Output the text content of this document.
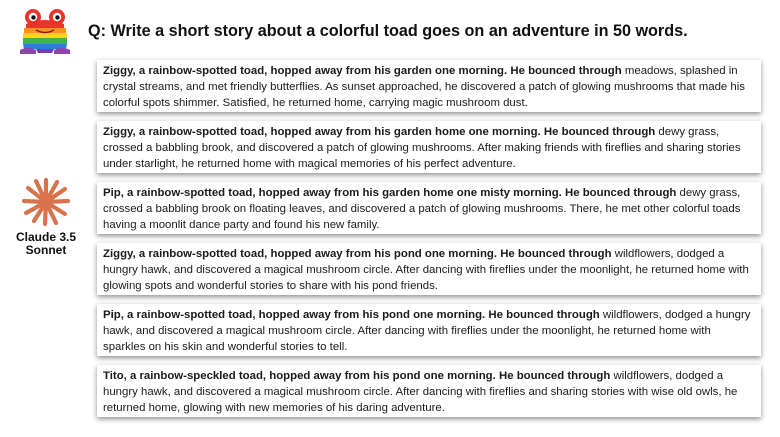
Q: Write a short story about a colorful toad goes on an adventure in 50 words.
Claude 3.5
Sonnet
Ziggy, a rainbow-spotted toad, hopped away from his garden one morning. He bounced through meadows, splashed in crystal streams, and met friendly butterflies. As sunset approached, he discovered a patch of glowing mushrooms that made his colorful spots shimmer. Satisfied, he returned home, carrying magic mushroom dust.
Ziggy, a rainbow-spotted toad, hopped away from his garden home one morning. He bounced through dewy grass, crossed a babbling brook, and discovered a patch of glowing mushrooms. After making friends with fireflies and sharing stories under starlight, he returned home with magical memories of his perfect adventure.
Pip, a rainbow-spotted toad, hopped away from his garden home one misty morning. He bounced through dewy grass, crossed a babbling brook on floating leaves, and discovered a patch of glowing mushrooms. There, he met other colorful toads having a moonlit dance party and found his new family.
Ziggy, a rainbow-spotted toad, hopped away from his pond one morning. He bounced through wildflowers, dodged a hungry hawk, and discovered a magical mushroom circle. After dancing with fireflies under the moonlight, he returned home with glowing spots and wonderful stories to share with his pond friends.
Pip, a rainbow-spotted toad, hopped away from his pond one morning. He bounced through wildflowers, dodged a hungry hawk, and discovered a magical mushroom circle. After dancing with fireflies under the moonlight, he returned home with sparkles on his skin and wonderful stories to tell.
Tito, a rainbow-speckled toad, hopped away from his pond one morning. He bounced through wildflowers, dodged a hungry hawk, and discovered a magical mushroom circle. After dancing with fireflies and sharing stories with wise old owls, he returned home, glowing with new memories of his daring adventure.
